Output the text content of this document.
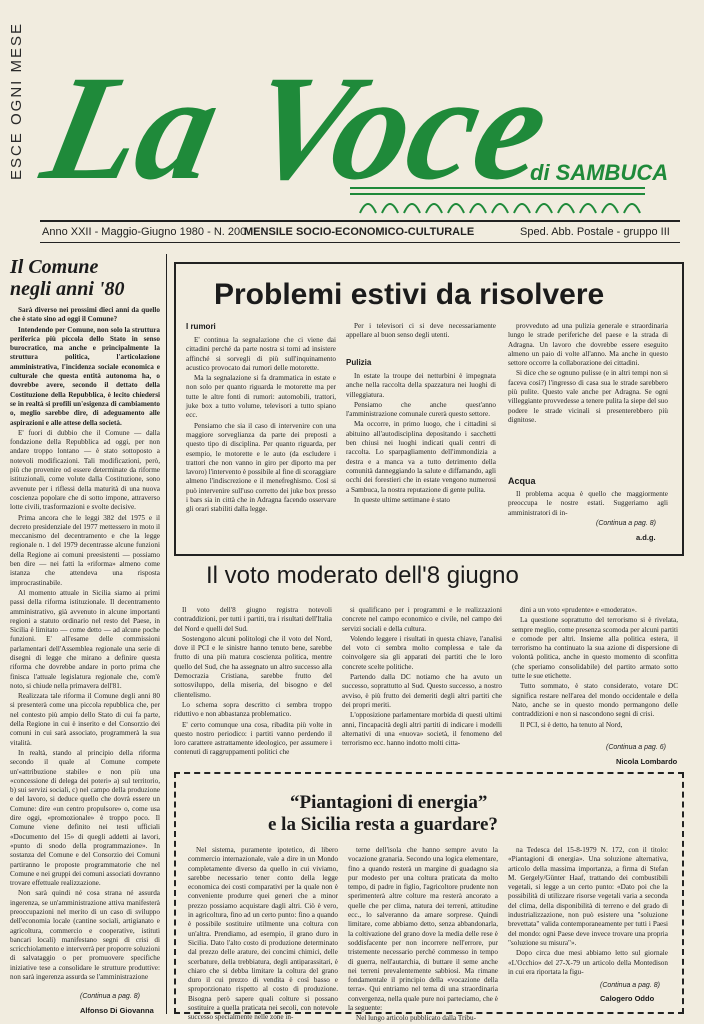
ESCE OGNI MESE La Voce
di SAMBUCA
Anno XXII - Maggio-Giugno 1980 - N. 200
MENSILE SOCIO-ECONOMICO-CULTURALE	Sped. Abb. Postale - gruppo III
Il Comune
negli anni '80

Sarà diverso nei prossimi dieci anni da quello che è stato sino ad oggi il Comune?

Intendendo per Comune, non solo la struttura periferica più piccola dello Stato in senso burocratico, ma anche e principalmente la struttura politica, l'articolazione amministrativa, l'incidenza sociale economica e culturale che questa entità autonoma ha, o dovrebbe avere, secondo il dettato della Costituzione della Repubblica, è lecito chiedersi se in realtà si profili un'esigenza di cambiamento o, meglio sarebbe dire, di adeguamento alle aspirazioni e alle attese della società.

E' fuori di dubbio che il Comune — dalla fondazione della Repubblica ad oggi, per non andare troppo lontano — è stato sottoposto a notevoli modificazioni. Tali modificazioni, però, più che provenire od essere determinate da riforme istituzionali, come volute dalla Costituzione, sono avvenute per i riflessi della maturità di una nuova coscienza popolare che di sotto impone, attraverso lotte civili, trasformazioni e svolte decisive.

Prima ancora che le leggi 382 del 1975 e il decreto presidenziale del 1977 mettessero in moto il meccanismo del decentramento e che la legge regionale n. 1 del 1979 decentrasse alcune funzioni della Regione ai comuni preesistenti — possiamo ben dire — nei fatti la «riforma» almeno come istanza che attendeva una risposta improcrastinabile.

Al momento attuale in Sicilia siamo ai primi passi della riforma istituzionale. Il decentramento amministrativo, già avvenuto in alcune importanti regioni a statuto ordinario nel resto del Paese, in Sicilia è limitato — come detto — ad alcune poche funzioni. E' all'esame delle commissioni parlamentari dell'Assemblea regionale una serie di disegni di legge che mirano a definire questa riforma che dovrebbe andare in porto prima che finisca l'attuale legislatura regionale che, com'è noto, si chiude nella primavera dell'81.

Realizzata tale riforma il Comune degli anni 80 si presenterà come una piccola repubblica che, per nel contesto più ampio dello Stato di cui fa parte, della Regione in cui è inserito e del Consorzio dei comuni in cui sarà associato, programmerà la sua vitalità.

In realtà, stando al principio della riforma secondo il quale al Comune compete un'«attribuzione stabile» e non più una «concessione di delega dei poteri» a) sul territorio, b) sui servizi sociali, c) nel campo della produzione e del lavoro, si deduce quello che dovrà essere un Comune: dire «un centro propulsore» o, come usa dire oggi, «promozionale» è troppo poco. Il Comune viene definito nei testi ufficiali «Documento del 15» di quegli addetti ai lavori, «punto di snodo della programmazione». In sostanza del Comune e del Consorzio dei Comuni partiranno le proposte programmatorie che nel Comune e nei gruppi dei comuni associati dovranno trovare effettuale realizzazione.

Non sarà quindi né cosa strana né assurda ingerenza, se un'amministrazione attiva manifesterà preoccupazioni nel merito di un caso di sviluppo dell'economia locale (cantine sociali, artigianato e agricoltura, commercio e cooperative, istituti bancari locali) manifestano segni di crisi di scricchiolamento e interverrà per proporre soluzioni di salvataggio o per promuovere specifiche iniziative tese a consolidare le strutture produttive: non sarà ingerenza assurda se l'amministrazione

(Continua a pag. 8)
Alfonso Di Giovanna
Problemi estivi da risolvere
I rumori

E' continua la segnalazione che ci viene dai cittadini perché da parte nostra si torni ad insistere affinché si sorvegli di più sull'inquinamento acustico provocato dai rumori delle motorette.

Ma la segnalazione si fa drammatica in estate e non solo per quanto riguarda le motorette ma per tutte le altre fonti di rumori: automobili, trattori, juke box a tutto volume, televisori a tutto spiano ecc.

Pensiamo che sia il caso di intervenire con una maggiore sorveglianza da parte dei preposti a questo tipo di disciplina. Per quanto riguarda, per esempio, le motorette e le auto (da escludere i trattori che non vanno in giro per diporto ma per lavoro) l'intervento è possibile al fine di scoraggiare almeno l'indiscrezione e il menefreghismo. Così si può intervenire sull'uso corretto dei juke box presso i bars sia in città che in Adragna facendo osservare gli orari stabiliti dalla legge.

Per i televisori ci si deve necessariamente appellare al buon senso degli utenti.

Pulizia

In estate la troupe dei netturbini è impegnata anche nella raccolta della spazzatura nei luoghi di villeggiatura.

Pensiamo che anche quest'anno l'amministrazione comunale curerà questo settore.

Ma occorre, in primo luogo, che i cittadini si abituino all'autodisciplina depositando i sacchetti ben chiusi nei luoghi indicati quali centri di raccolta. Lo sparpagliamento dell'immondizia a destra e a manca va a tutto detrimento della comunità danneggiando la salute e diffamando, agli occhi dei forestieri che in estate vengono numerosi a Sambuca, la nostra reputazione di gente pulita.

In queste ultime settimane è stato

provveduto ad una pulizia generale e straordinaria lungo le strade periferiche del paese e la strada di Adragna. Un lavoro che dovrebbe essere eseguito almeno un paio di volte all'anno. Ma anche in questo settore occorre la collaborazione dei cittadini.

Si dice che se ognuno pulisse (e in altri tempi non si faceva così?) l'ingresso di casa sua le strade sarebbero più pulite. Questo vale anche per Adragna. Se ogni villeggiante provvedesse a tenere pulita la siepe del suo podere le strade vicinali si presenterebbero più dignitose.

Acqua

Il problema acqua è quello che maggiormente preoccupa le nostre estati. Suggeriamo agli amministratori di in-

(Continua a pag. 8)
a.d.g.
Il voto moderato dell'8 giugno

Il voto dell'8 giugno registra notevoli contraddizioni, per tutti i partiti, tra i risultati dell'Italia del Nord e quelli del Sud.

Sostengono alcuni politologi che il voto del Nord, dove il PCI e le sinistre hanno tenuto bene, sarebbe frutto di una più matura coscienza politica, mentre quello del Sud, che ha assegnato un altro successo alla Democrazia Cristiana, sarebbe frutto del sottosviluppo, della miseria, del bisogno e del clientelismo.

Lo schema sopra descritto ci sembra troppo riduttivo e non abbastanza problematico.

E' certo comunque una cosa, ribadita più volte in questo nostro periodico: i partiti vanno perdendo il loro carattere astrattamente ideologico, per assumere i contenuti di raggruppamenti politici che

si qualificano per i programmi e le realizzazioni concrete nel campo economico e civile, nel campo dei servizi sociali e della cultura.

Volendo leggere i risultati in questa chiave, l'analisi del voto ci sembra molto complessa e tale da coinvolgere sia gli apparati dei partiti che le loro concrete scelte politiche.

Partendo dalla DC notiamo che ha avuto un successo, soprattutto al Sud. Questo successo, a nostro avviso, è più frutto dei demeriti degli altri partiti che dei propri meriti.

L'opposizione parlamentare morbida di questi ultimi anni, l'incapacità degli altri partiti di indicare i modelli alternativi di una «nuova» società, il fenomeno del terrorismo ecc. hanno indotto molti citta-

dini a un voto «prudente» e «moderato».

La questione soprattutto del terrorismo si è rivelata, sempre meglio, come presenza scomoda per alcuni partiti e comode per altri. Insieme alla politica estera, il terrorismo ha continuato la sua azione di dispersione di volontà politica, anche in questo momento di sconfitta (che speriamo consolidabile) del partito armato sotto tutte le sue etichette.

Tutto sommato, è stato considerato, votare DC significa restare nell'area del mondo occidentale e della Nato, anche se in questo mondo permangono delle contraddizioni e non si nascondono segni di crisi.

Il PCI, si è detto, ha tenuto al Nord,

(Continua a pag. 6)
Nicola Lombardo
“Piantagioni di energia”
e la Sicilia resta a guardare?

Nel sistema, puramente ipotetico, di libero commercio internazionale, vale a dire in un Mondo completamente diverso da quello in cui viviamo, sarebbe necessario tener conto della legge economica dei costi comparativi per la quale non è conveniente produrre quei generi che a minor prezzo possiamo acquistare dagli altri. Ciò è vero, in agricoltura, fino ad un certo punto: fino a quando è possibile sostituire utilmente una coltura con un'altra. Prendiamo, ad esempio, il grano duro in Sicilia. Dato l'alto costo di produzione determinato dal prezzo delle arature, dei concimi chimici, delle scerbature, della trebbiatura, degli antiparassitari, è chiaro che si debba limitare la coltura del grano duro il cui prezzo di vendita è così basso e sproporzionato rispetto al costo di produzione. Bisogna però sapere quali colture si possano sostituire a quella praticata nei secoli, con notevole successo specialmente nelle zone in-

terne dell'isola che hanno sempre avuto la vocazione granaria. Secondo una logica elementare, fino a quando resterà un margine di guadagno sia pur modesto per una coltura praticata da molto tempo, di padre in figlio, l'agricoltore prudente non sperimenterà altre colture ma resterà ancorato a quelle che per clima, natura dei terreni, attitudine ecc., lo salveranno da amare sorprese. Quindi limitare, come abbiamo detto, senza abbandonarla, la coltivazione del grano dove la media delle rese è soddisfacente per non incorrere nell'errore, pur tristemente necessario perché commesso in tempo di guerra, nell'autarchia, di buttare il seme anche nei terreni prevalentemente sabbiosi. Ma rimane fondamentale il principio della «vocazione della terra». Qui entriamo nel tema di una straordinaria convergenza, nella quale pure noi parteciamo, che è la seguente:

Nel lungo articolo pubblicato dalla Tribu-

na Tedesca del 15-8-1979 N. 172, con il titolo: «Piantagioni di energia». Una soluzione alternativa, articolo della massima importanza, a firma di Stefan M. Gergely/Günter Haaf, trattando dei combustibili vegetali, si legge a un certo punto: «Dato poi che la possibilità di utilizzare risorse vegetali varia a seconda del clima, della disponibilità di terreno e del grado di industrializzazione, non può esistere una "soluzione brevettata" valida contemporaneamente per tutti i Paesi del mondo: ogni Paese deve invece trovare una propria "soluzione su misura"».

Dopo circa due mesi abbiamo letto sul giornale «L'Occhio» del 27-X-79 un articolo della Montedison in cui era riportata la figu-

(Continua a pag. 8)
Calogero Oddo
